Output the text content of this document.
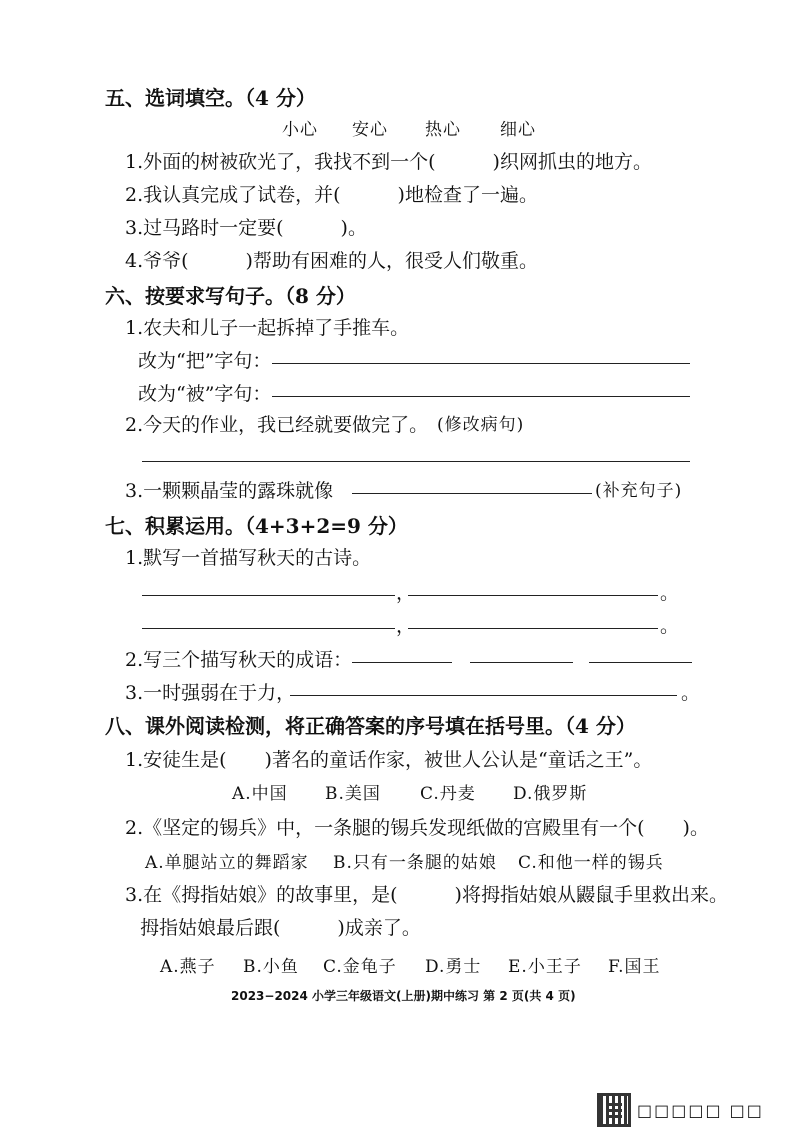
五、选词填空。（4 分）
小心 安心 热心 细心
1.外面的树被砍光了，我找不到一个(　　　)织网抓虫的地方。
2.我认真完成了试卷，并(　　　)地检查了一遍。
3.过马路时一定要(　　　)。
4.爷爷(　　　)帮助有困难的人，很受人们敬重。
六、按要求写句子。（8 分）
1.农夫和儿子一起拆掉了手推车。
改为“把”字句：
改为“被”字句：
2.今天的作业，我已经就要做完了。 (修改病句)
3.一颗颗晶莹的露珠就像	(补充句子)
七、积累运用。（4+3+2=9 分）
1.默写一首描写秋天的古诗。
，	。
，	。
2.写三个描写秋天的成语：
3.一时强弱在于力，	。
八、课外阅读检测，将正确答案的序号填在括号里。（4 分）
1.安徒生是(　　)著名的童话作家，被世人公认是“童话之王”。
A.中国 B.美国 C.丹麦 D.俄罗斯
2.《坚定的锡兵》中，一条腿的锡兵发现纸做的宫殿里有一个(　　)。
A.单腿站立的舞蹈家 B.只有一条腿的姑娘 C.和他一样的锡兵
3.在《拇指姑娘》的故事里，是(　　　)将拇指姑娘从鼹鼠手里救出来。
拇指姑娘最后跟(　　　)成亲了。
A.燕子 B.小鱼 C.金龟子 D.勇士 E.小王子 F.国王
2023−2024 小学三年级语文(上册)期中练习 第 2 页(共 4 页)
□□□□□ □□
